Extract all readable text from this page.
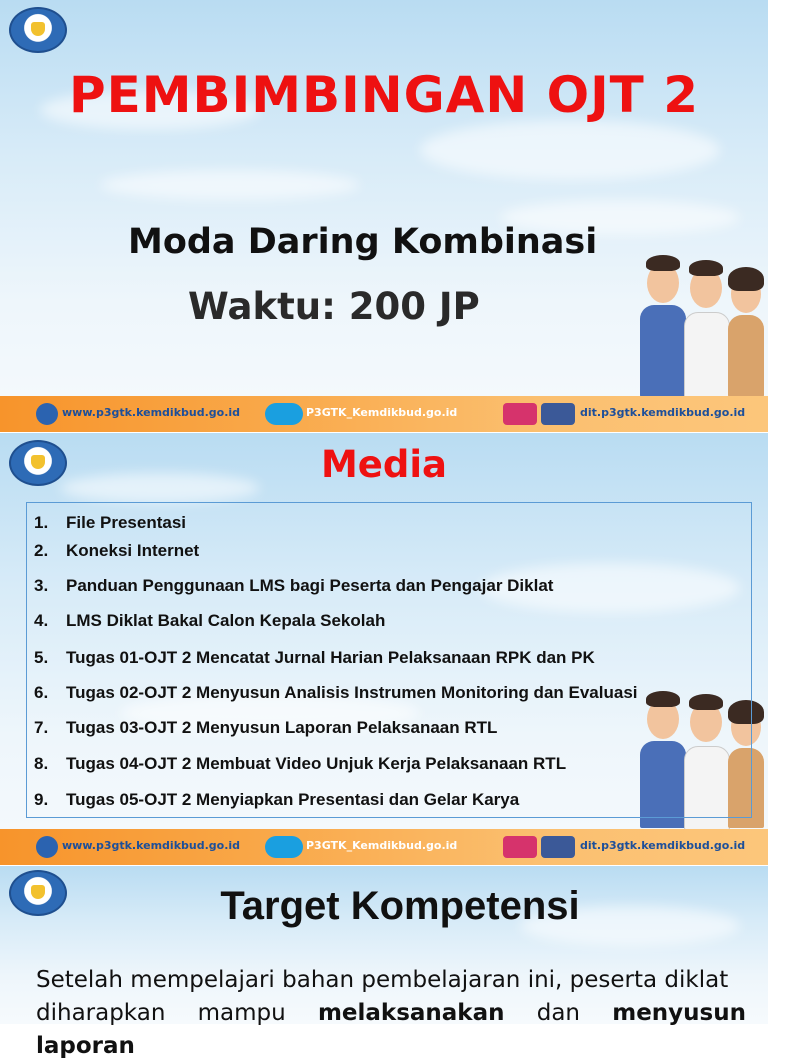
PEMBIMBINGAN OJT 2
Moda Daring Kombinasi
Waktu: 200 JP
www.p3gtk.kemdikbud.go.id	P3GTK_Kemdikbud.go.id	dit.p3gtk.kemdikbud.go.id
Media
1. File Presentasi
2. Koneksi Internet
3. Panduan Penggunaan LMS bagi Peserta dan Pengajar Diklat
4. LMS Diklat Bakal Calon Kepala Sekolah
5. Tugas 01-OJT 2 Mencatat Jurnal Harian Pelaksanaan RPK dan PK
6. Tugas 02-OJT 2 Menyusun Analisis Instrumen Monitoring dan Evaluasi
7. Tugas 03-OJT 2 Menyusun Laporan Pelaksanaan RTL
8. Tugas 04-OJT 2 Membuat Video Unjuk Kerja Pelaksanaan RTL
9. Tugas 05-OJT 2 Menyiapkan Presentasi dan Gelar Karya
www.p3gtk.kemdikbud.go.id	P3GTK_Kemdikbud.go.id	dit.p3gtk.kemdikbud.go.id
Target Kompetensi
Setelah mempelajari bahan pembelajaran ini, peserta diklat
diharapkan mampu melaksanakan dan menyusun laporan
